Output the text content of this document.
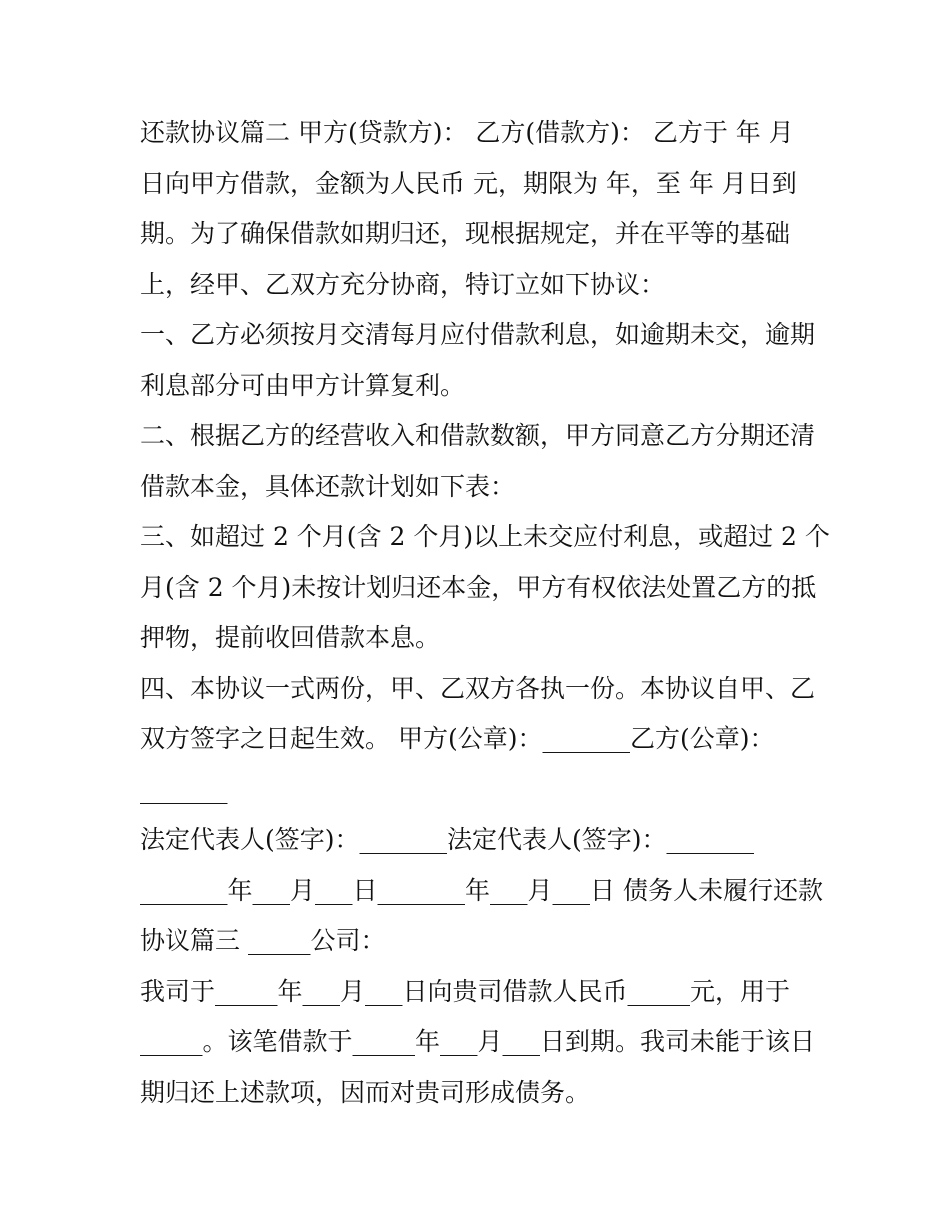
还款协议篇二 甲方(贷款方)： 乙方(借款方)： 乙方于 年 月
日向甲方借款，金额为人民币 元，期限为 年，至 年 月日到
期。为了确保借款如期归还，现根据规定，并在平等的基础
上，经甲、乙双方充分协商，特订立如下协议：
一、乙方必须按月交清每月应付借款利息，如逾期未交，逾期
利息部分可由甲方计算复利。
二、根据乙方的经营收入和借款数额，甲方同意乙方分期还清
借款本金，具体还款计划如下表：
三、如超过 2 个月(含 2 个月)以上未交应付利息，或超过 2 个
月(含 2 个月)未按计划归还本金，甲方有权依法处置乙方的抵
押物，提前收回借款本息。
四、本协议一式两份，甲、乙双方各执一份。本协议自甲、乙
双方签字之日起生效。 甲方(公章)：_______乙方(公章)：
_______
法定代表人(签字)：_______法定代表人(签字)：_______
_______年___月___日_______年___月___日 债务人未履行还款
协议篇三 _____公司：
我司于_____年___月___日向贵司借款人民币_____元，用于
_____。该笔借款于_____年___月___日到期。我司未能于该日
期归还上述款项，因而对贵司形成债务。
